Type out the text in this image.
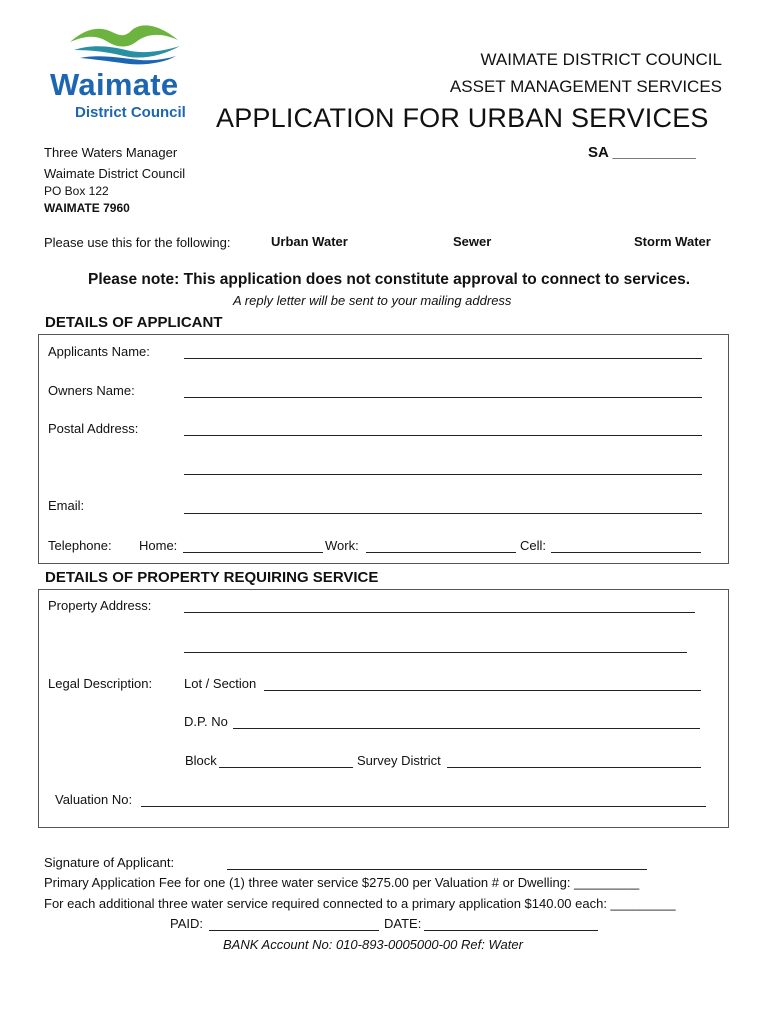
Waimate
District Council
WAIMATE DISTRICT COUNCIL
ASSET MANAGEMENT SERVICES
APPLICATION FOR URBAN SERVICES
SA __________
Three Waters Manager
Waimate District Council
PO Box 122
WAIMATE 7960
Please use this for the following:	Urban Water	Sewer	Storm Water
Please note: This application does not constitute approval to connect to services.
A reply letter will be sent to your mailing address
DETAILS OF APPLICANT
Applicants Name:
Owners Name:
Postal Address:
Email:
Telephone: Home:	Work:	Cell:
DETAILS OF PROPERTY REQUIRING SERVICE
Property Address:
Legal Description: Lot / Section
D.P. No
Block	Survey District
Valuation No:
Signature of Applicant:
Primary Application Fee for one (1) three water service $275.00 per Valuation # or Dwelling: _________
For each additional three water service required connected to a primary application $140.00 each: _________
PAID:	DATE:
BANK Account No: 010-893-0005000-00 Ref: Water
